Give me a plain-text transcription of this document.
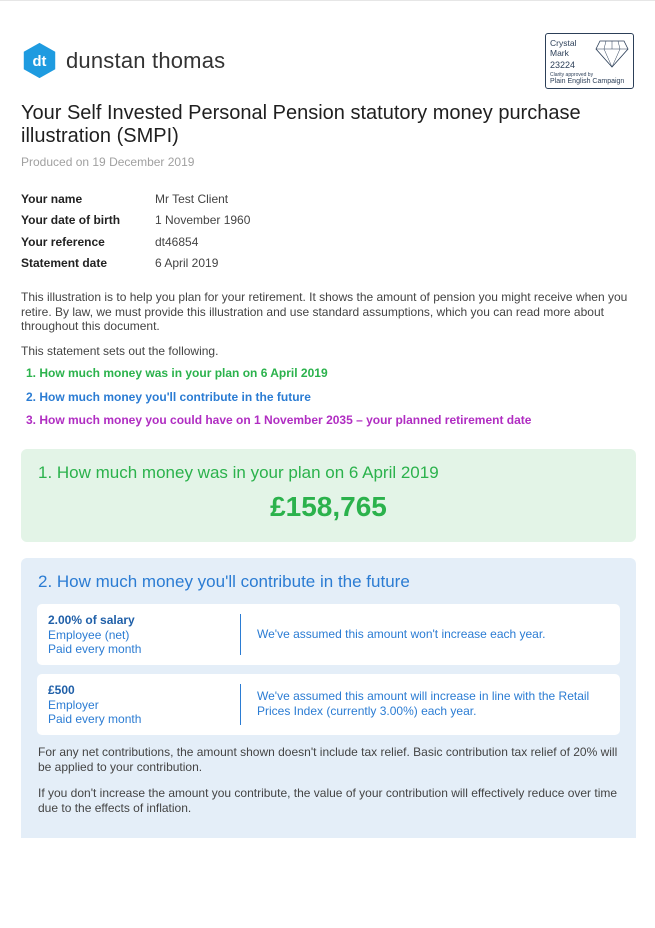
dt dunstan thomas
Crystal
Mark
23224
Clarity approved by
Plain English Campaign
Your Self Invested Personal Pension statutory money purchase illustration (SMPI)
Produced on 19 December 2019
Your name	Mr Test Client
Your date of birth	1 November 1960
Your reference	dt46854
Statement date	6 April 2019

This illustration is to help you plan for your retirement. It shows the amount of pension you might receive when you retire. By law, we must provide this illustration and use standard assumptions, which you can read more about throughout this document.

This statement sets out the following.

1. How much money was in your plan on 6 April 2019
2. How much money you'll contribute in the future
3. How much money you could have on 1 November 2035 – your planned retirement date
1. How much money was in your plan on 6 April 2019
£158,765
2. How much money you'll contribute in the future
2.00% of salary
Employee (net)
Paid every month
We've assumed this amount won't increase each year.
£500
Employer
Paid every month
We've assumed this amount will increase in line with the Retail Prices Index (currently 3.00%) each year.

For any net contributions, the amount shown doesn't include tax relief. Basic contribution tax relief of 20% will be applied to your contribution.

If you don't increase the amount you contribute, the value of your contribution will effectively reduce over time due to the effects of inflation.
